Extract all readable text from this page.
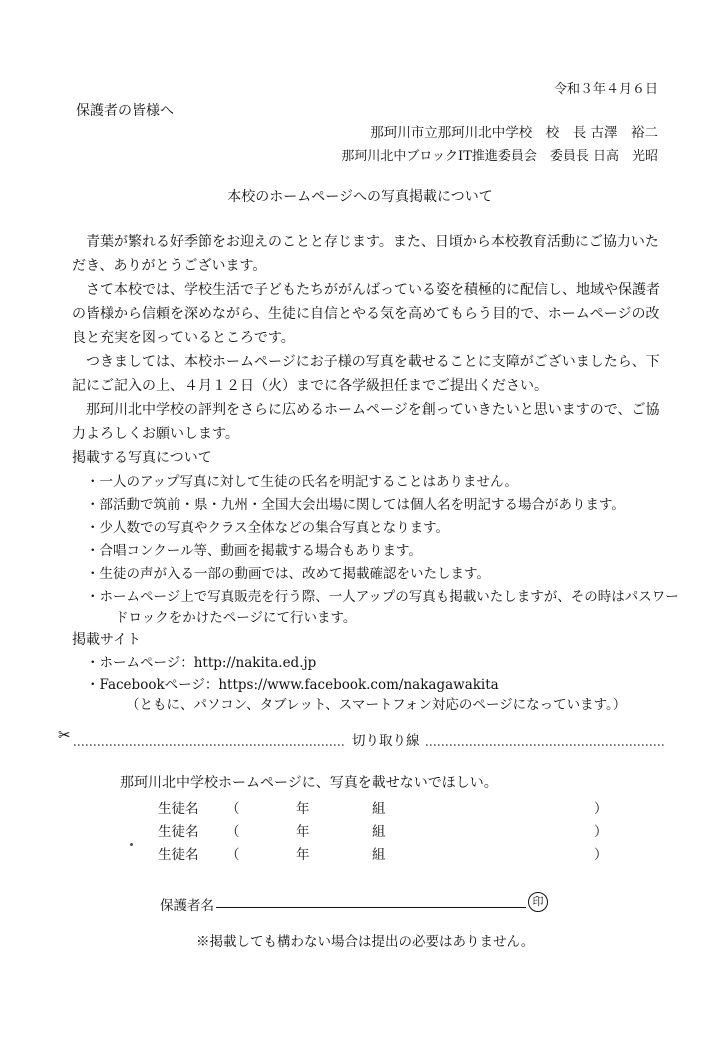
令和３年４月６日
保護者の皆様へ
那珂川市立那珂川北中学校　校　長 古澤　裕二
那珂川北中ブロックIT推進委員会　委員長 日高　光昭
本校のホームページへの写真掲載について
青葉が繁れる好季節をお迎えのことと存じます。また、日頃から本校教育活動にご協力いただき、ありがとうございます。
さて本校では、学校生活で子どもたちががんばっている姿を積極的に配信し、地域や保護者の皆様から信頼を深めながら、生徒に自信とやる気を高めてもらう目的で、ホームページの改良と充実を図っているところです。
つきましては、本校ホームページにお子様の写真を載せることに支障がございましたら、下記にご記入の上、４月１２日（火）までに各学級担任までご提出ください。
那珂川北中学校の評判をさらに広めるホームページを創っていきたいと思いますので、ご協力よろしくお願いします。
掲載する写真について
・一人のアップ写真に対して生徒の氏名を明記することはありません。
・部活動で筑前・県・九州・全国大会出場に関しては個人名を明記する場合があります。
・少人数での写真やクラス全体などの集合写真となります。
・合唱コンクール等、動画を掲載する場合もあります。
・生徒の声が入る一部の動画では、改めて掲載確認をいたします。
・ホームページ上で写真販売を行う際、一人アップの写真も掲載いたしますが、その時はパスワー
ドロックをかけたページにて行います。
掲載サイト
・ホームページ：http://nakita.ed.jp
・Facebookページ：https://www.facebook.com/nakagawakita
（ともに、パソコン、タブレット、スマートフォン対応のページになっています。）
✂	切り取り線
那珂川北中学校ホームページに、写真を載せないでほしい。
生徒名 （	年	組	）
生徒名 （	年	組	）
生徒名 （	年	組	）
保護者名	印
※掲載しても構わない場合は提出の必要はありません。
